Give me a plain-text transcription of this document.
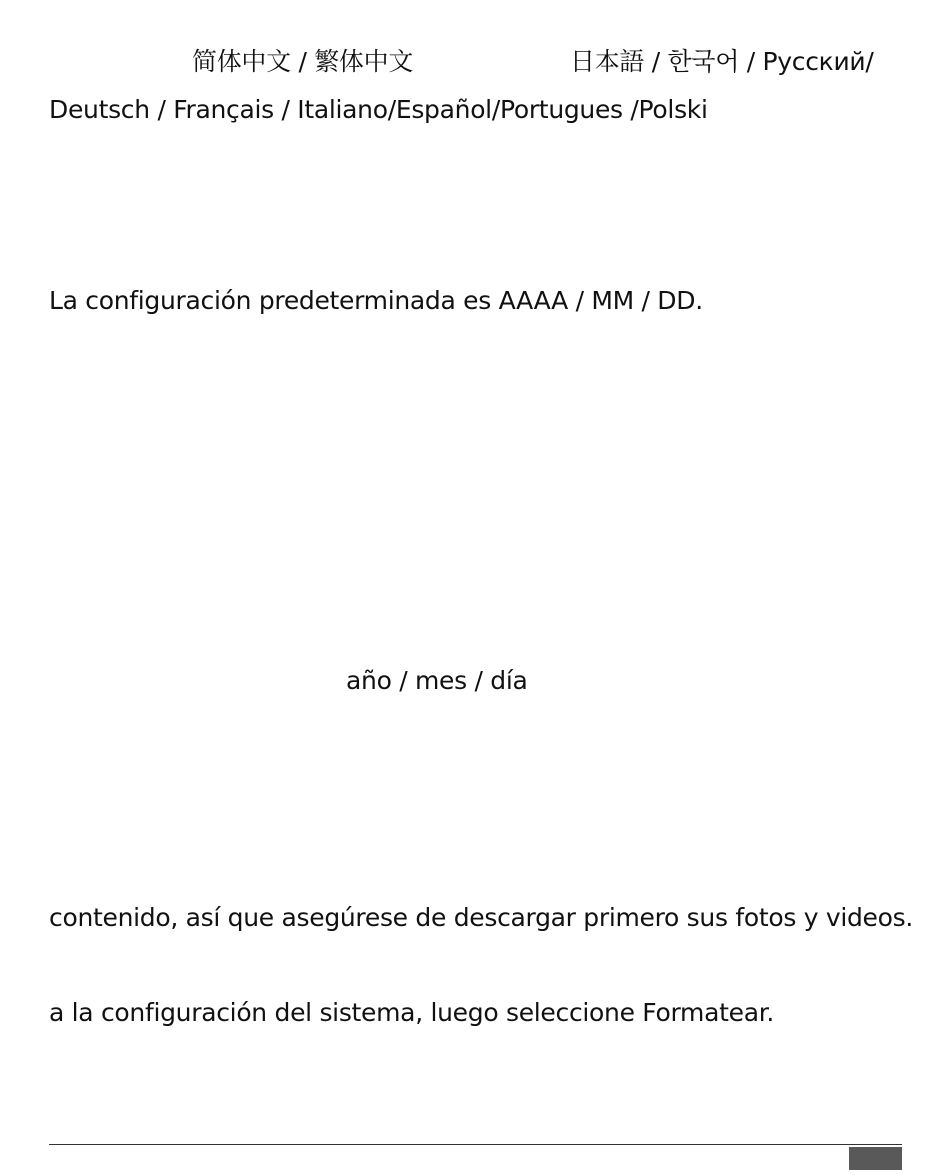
简体中文 / 繁体中文	日本語 / 한국어 / Русский/
Deutsch / Français / Italiano/Español/Portugues /Polski
La configuración predeterminada es AAAA / MM / DD.
año / mes / día
contenido, así que asegúrese de descargar primero sus fotos y videos.
a la configuración del sistema, luego seleccione Formatear.
